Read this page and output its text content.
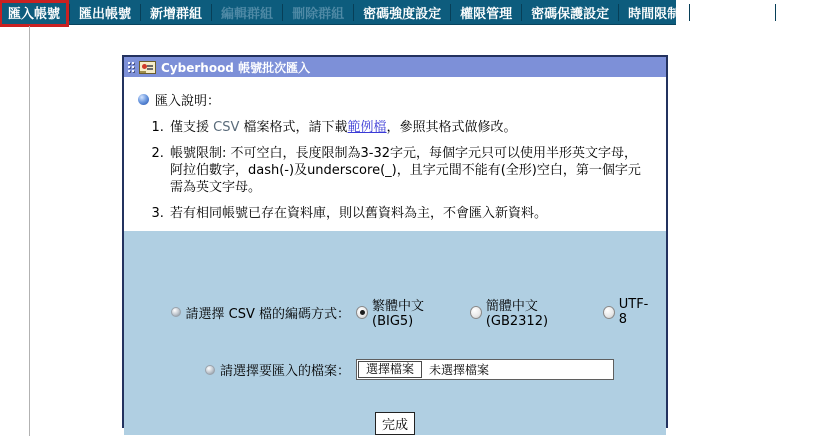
匯入帳號 匯出帳號 新增群組 編輯群組 刪除群組 密碼強度設定 權限管理 密碼保護設定 時間限制 登入IP管理 登入
Cyberhood 帳號批次匯入
匯入說明：
1. 僅支援 CSV 檔案格式，請下載範例檔，參照其格式做修改。
2. 帳號限制: 不可空白，長度限制為3-32字元，每個字元只可以使用半形英文字母，阿拉伯數字，dash(-)及underscore(_)，且字元間不能有(全形)空白，第一個字元需為英文字母。
3. 若有相同帳號已存在資料庫，則以舊資料為主，不會匯入新資料。
請選擇 CSV 檔的編碼方式： 繁體中文(BIG5)
簡體中文(GB2312)
UTF-8
請選擇要匯入的檔案：	選擇檔案	未選擇檔案
完成
